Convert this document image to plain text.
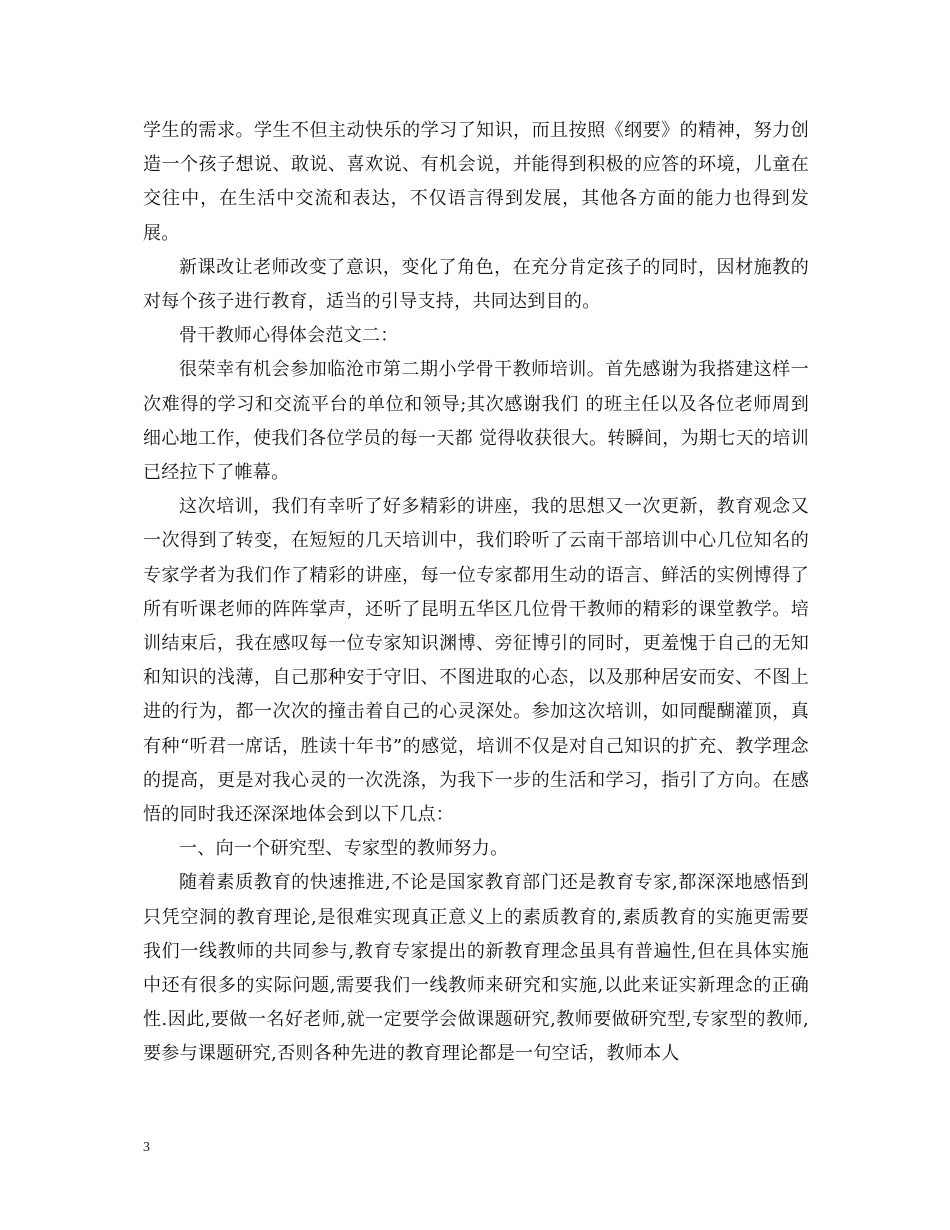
学生的需求。学生不但主动快乐的学习了知识，而且按照《纲要》的精神，努力创造一个孩子想说、敢说、喜欢说、有机会说，并能得到积极的应答的环境，儿童在交往中，在生活中交流和表达，不仅语言得到发展，其他各方面的能力也得到发展。

新课改让老师改变了意识，变化了角色，在充分肯定孩子的同时，因材施教的对每个孩子进行教育，适当的引导支持，共同达到目的。

骨干教师心得体会范文二：

很荣幸有机会参加临沧市第二期小学骨干教师培训。首先感谢为我搭建这样一次难得的学习和交流平台的单位和领导;其次感谢我们 的班主任以及各位老师周到细心地工作，使我们各位学员的每一天都 觉得收获很大。转瞬间，为期七天的培训已经拉下了帷幕。

这次培训，我们有幸听了好多精彩的讲座，我的思想又一次更新，教育观念又一次得到了转变，在短短的几天培训中，我们聆听了云南干部培训中心几位知名的专家学者为我们作了精彩的讲座，每一位专家都用生动的语言、鲜活的实例博得了所有听课老师的阵阵掌声，还听了昆明五华区几位骨干教师的精彩的课堂教学。培训结束后，我在感叹每一位专家知识渊博、旁征博引的同时，更羞愧于自己的无知和知识的浅薄，自己那种安于守旧、不图进取的心态，以及那种居安而安、不图上进的行为，都一次次的撞击着自己的心灵深处。参加这次培训，如同醍醐灌顶，真有种“听君一席话，胜读十年书”的感觉，培训不仅是对自己知识的扩充、教学理念的提高，更是对我心灵的一次洗涤，为我下一步的生活和学习，指引了方向。在感悟的同时我还深深地体会到以下几点：

一、向一个研究型、专家型的教师努力。

随着素质教育的快速推进,不论是国家教育部门还是教育专家,都深深地感悟到只凭空洞的教育理论,是很难实现真正意义上的素质教育的,素质教育的实施更需要我们一线教师的共同参与,教育专家提出的新教育理念虽具有普遍性,但在具体实施中还有很多的实际问题,需要我们一线教师来研究和实施,以此来证实新理念的正确性.因此,要做一名好老师,就一定要学会做课题研究,教师要做研究型,专家型的教师,要参与课题研究,否则各种先进的教育理论都是一句空话，教师本人

3
